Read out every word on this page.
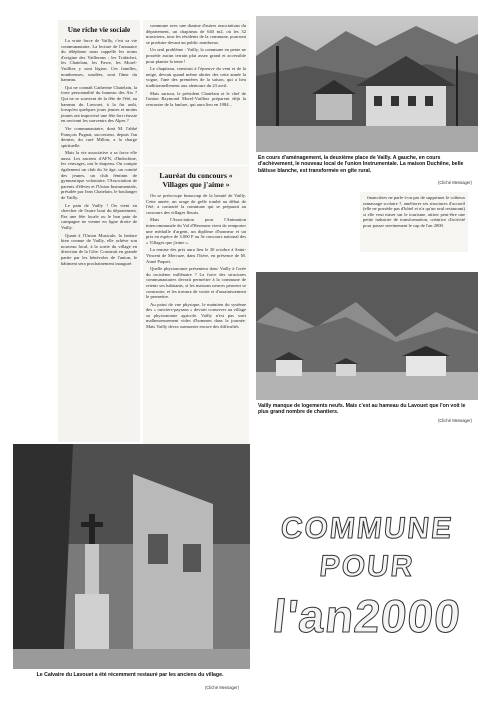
Une riche vie sociale

La vraie force de Vailly, c'est sa vie communautaire. La lecture de l'annuaire du téléphone nous rappelle les noms d'origine des Vaillerans : les Trabichet, les Chatelain, les Favre, les Morel-Vuilliez y sont légion. Ces familles, nombreuses, soudées, sont l'âme du hameau.

Qui ne connaît Catherine Chatelain, la forte personnalité du hameau des Aix ? Qui ne se souvient de la fête de l'été, au hameau du Lavouet, à la fin août, lorsqu'en quelques jours jeunes et moins jeunes ont improvisé une fête fort réussie en ravivant les souvenirs des Alpes ?

Vie communautaire, dont M. l'abbé François Pugnat, successeur, depuis l'an dernier, du curé Millon, a la charge spirituelle.

Mais la vie associative a sa force elle aussi. Les anciens d'AFN, d'Indochine, les veuvages, ont le drapeau. On compte également un club du 3e âge, un comité des jeunes, un club féminin de gymnastique volontaire, l'Association de parents d'élèves et l'Union Instrumentale, présidée par Jean Chatelain, le boulanger de Vailly.

Le pain de Vailly ! On vient en chercher de l'autre bout du département. Pas une fête locale ou le bon pain de campagne ne vienne en ligne droite de Vailly.

Quant à l'Union Musicale, la fanfare bien connue de Vailly, elle achève son nouveau local, à la sortie du village en direction de la Côte. Construit en grande partie par les bénévoles de l'union, le bâtiment sera prochainement inauguré.

commune avec une dizaine d'autres associations du département, un chapiteau de 640 m2, où les 32 musiciens, tous les résidents de la commune, pourront se produire devant un public nombreux.

Un seul problème : Vailly, la commune en pente ne possède aucun terrain plat assez grand et accessible pour planter la tente !

Le chapiteau, construit à l'épreuve du vent et de la neige, devrait quand même abriter des cette année la vogue, l'une des premières de la saison, qui a lieu traditionnellement aux alentours du 23 avril.

Mais surtout, le président Chatelain et le chef de l'union Raymond Morel-Vuilliez préparent déjà la rencontre de la fanfare, qui aura lieu en 1984...

Lauréat du concours « Villages que j'aime »

On se préoccupe beaucoup de la beauté de Vailly. Cette année, un orage de grêle tombé au début de l'été, a contrarié la commune qui se préparait au concours des villages fleuris.

Mais l'Association pour l'Animation intercommunale du Val d'Hermone vient de remporter une médaille d'argent, un diplôme d'honneur et un prix en espèce de 3.000 F au 3e concours national des « Villages que j'aime ».

La remise des prix aura lieu le 30 octobre à Saint-Vincent de Mercuze, dans l'Isère, en présence de M. Aimé Paquet.

Quelle physionomie présentera donc Vailly à l'orée du troisième millénaire ? La force des structures communautaires devrait permettre à la commune de retenir ses habitants, si les maisons neuves peuvent se construire, et les travaux de voirie et d'assainissement le permettre.

Au point de vue physique, le maintien du système des « ouvriers-paysans » devrait conserver au village sa physionomie agricole. Vailly n'est pas sorti malheureusement vides d'hommes dans la journée. Mais Vailly devra surmonter encore des difficultés

En cours d'aménagement, la deuxième place de Vailly. A gauche, en cours d'achèvement, le nouveau local de l'union Instrumentale. La maison Duchêne, belle bâtisse blanche, est transformée en gîte rural.
(Cliché Messager)

financières ne parle-t-on pas de supprimer le coûteux ramassage scolaire ?, améliorer ses structures d'accueil (elle ne possède pas d'hôtel et n'a qu'un seul restaurant) si elle veut miser sur le tourisme, attirer peut-être une petite industrie de transformation, créatrice d'activité pour passer sereinement le cap de l'an 2000.

Vailly manque de logements neufs. Mais c'est au hameau du Lavouet que l'on voit le plus grand nombre de chantiers.
(Cliché Messager)
Le Calvaire du Lavouet a été récemment restauré par les anciens du village.
(Cliché Messager)
COMMUNE
POUR
l'an2000
